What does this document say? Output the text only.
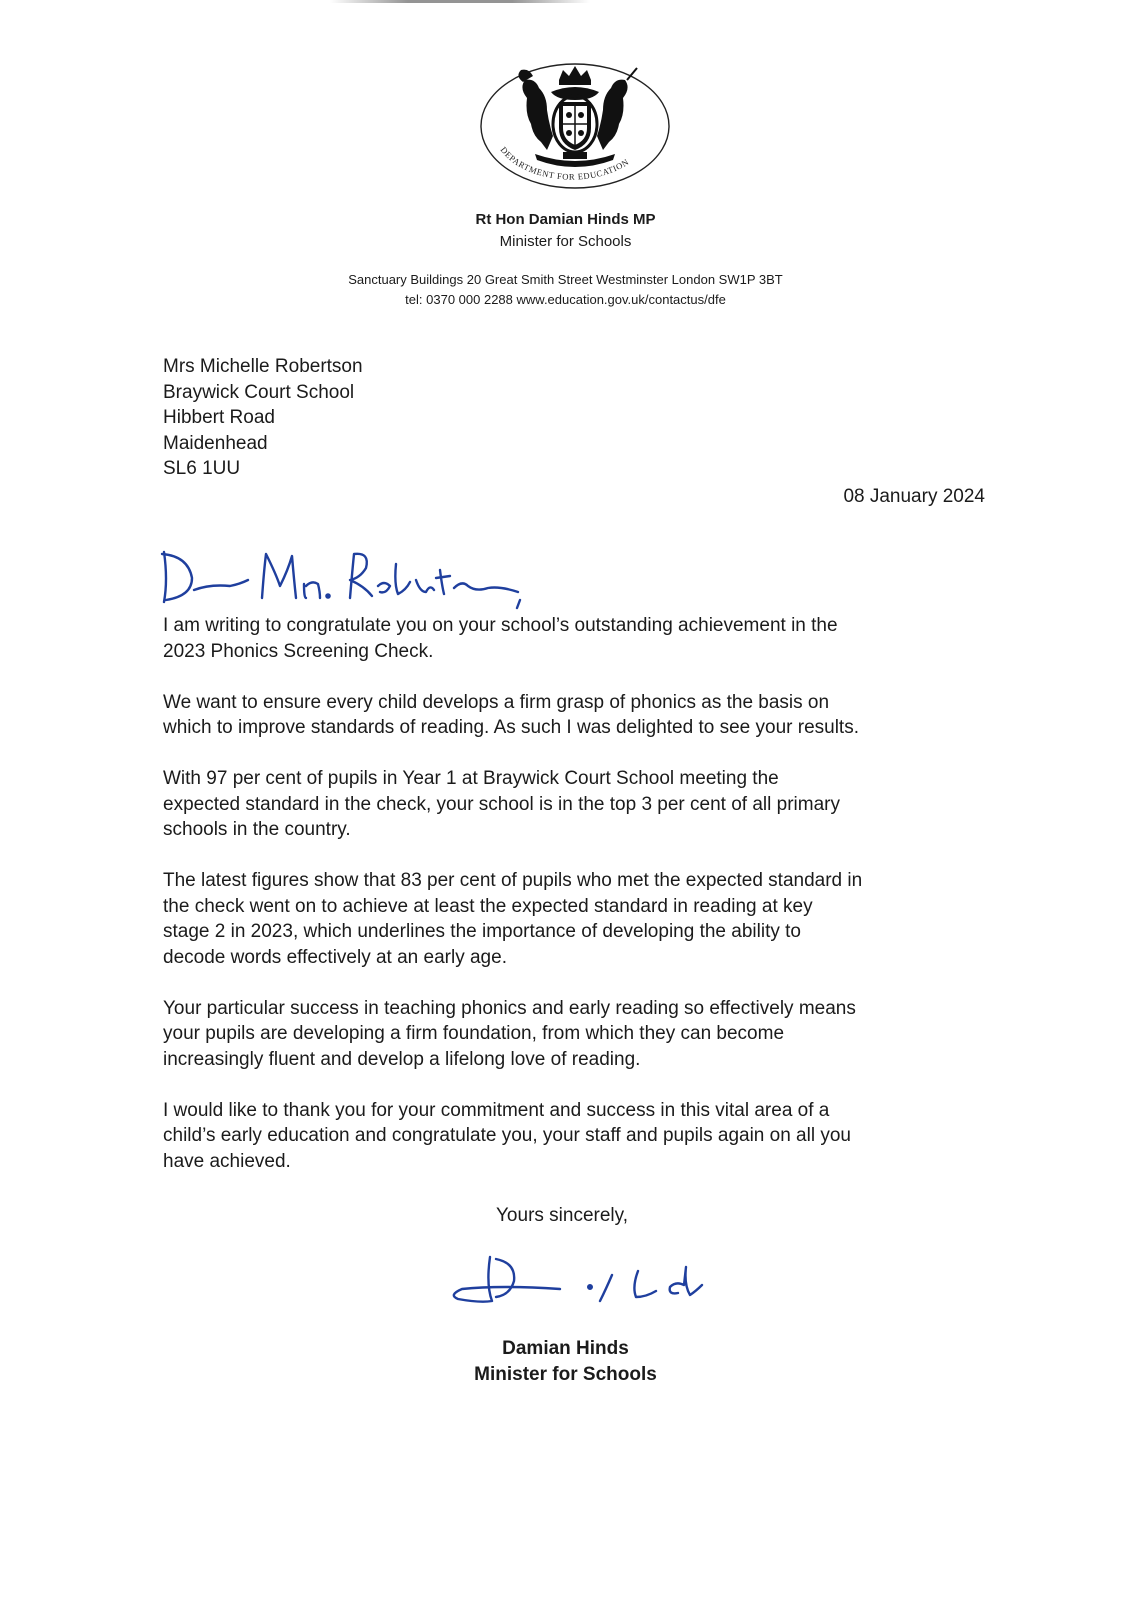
DEPARTMENT FOR EDUCATION
Rt Hon Damian Hinds MP
Minister for Schools
Sanctuary Buildings 20 Great Smith Street Westminster London SW1P 3BT
tel: 0370 000 2288 www.education.gov.uk/contactus/dfe
Mrs Michelle Robertson
Braywick Court School
Hibbert Road
Maidenhead
SL6 1UU
08 January 2024

I am writing to congratulate you on your school’s outstanding achievement in the
2023 Phonics Screening Check.

We want to ensure every child develops a firm grasp of phonics as the basis on
which to improve standards of reading. As such I was delighted to see your results.

With 97 per cent of pupils in Year 1 at Braywick Court School meeting the
expected standard in the check, your school is in the top 3 per cent of all primary
schools in the country.

The latest figures show that 83 per cent of pupils who met the expected standard in
the check went on to achieve at least the expected standard in reading at key
stage 2 in 2023, which underlines the importance of developing the ability to
decode words effectively at an early age.

Your particular success in teaching phonics and early reading so effectively means
your pupils are developing a firm foundation, from which they can become
increasingly fluent and develop a lifelong love of reading.

I would like to thank you for your commitment and success in this vital area of a
child’s early education and congratulate you, your staff and pupils again on all you
have achieved.

Yours sincerely,
Damian Hinds
Minister for Schools
